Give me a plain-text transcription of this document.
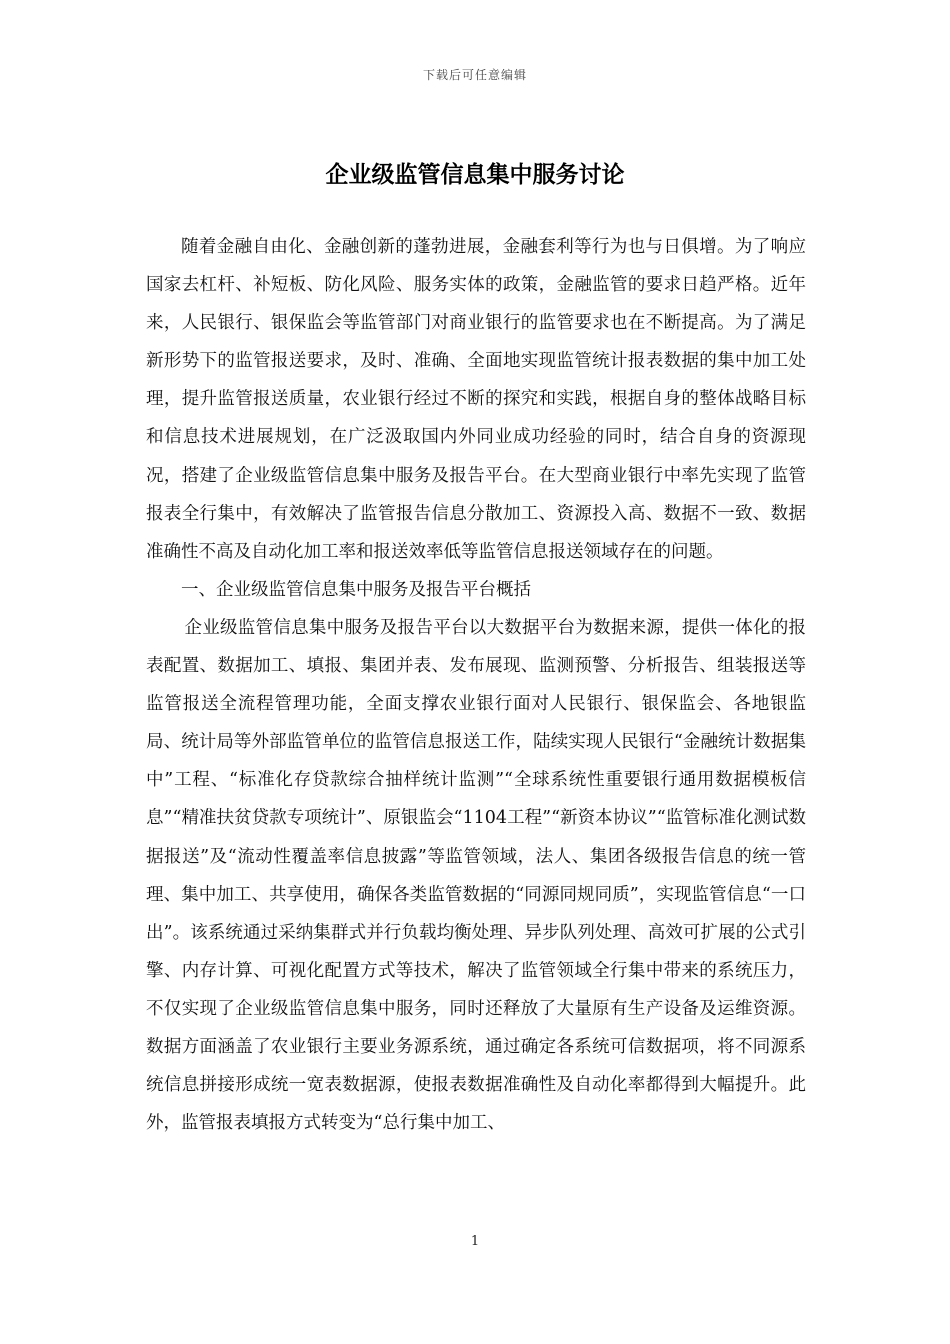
下载后可任意编辑
企业级监管信息集中服务讨论

随着金融自由化、金融创新的蓬勃进展，金融套利等行为也与日俱增。为了响应国家去杠杆、补短板、防化风险、服务实体的政策，金融监管的要求日趋严格。近年来，人民银行、银保监会等监管部门对商业银行的监管要求也在不断提高。为了满足新形势下的监管报送要求，及时、准确、全面地实现监管统计报表数据的集中加工处理，提升监管报送质量，农业银行经过不断的探究和实践，根据自身的整体战略目标和信息技术进展规划，在广泛汲取国内外同业成功经验的同时，结合自身的资源现况，搭建了企业级监管信息集中服务及报告平台。在大型商业银行中率先实现了监管报表全行集中，有效解决了监管报告信息分散加工、资源投入高、数据不一致、数据准确性不高及自动化加工率和报送效率低等监管信息报送领域存在的问题。

一、企业级监管信息集中服务及报告平台概括

企业级监管信息集中服务及报告平台以大数据平台为数据来源，提供一体化的报表配置、数据加工、填报、集团并表、发布展现、监测预警、分析报告、组装报送等监管报送全流程管理功能，全面支撑农业银行面对人民银行、银保监会、各地银监局、统计局等外部监管单位的监管信息报送工作，陆续实现人民银行“金融统计数据集中”工程、“标准化存贷款综合抽样统计监测”“全球系统性重要银行通用数据模板信息”“精准扶贫贷款专项统计”、原银监会“1104工程”“新资本协议”“监管标准化测试数据报送”及“流动性覆盖率信息披露”等监管领域，法人、集团各级报告信息的统一管理、集中加工、共享使用，确保各类监管数据的“同源同规同质”，实现监管信息“一口出”。该系统通过采纳集群式并行负载均衡处理、异步队列处理、高效可扩展的公式引擎、内存计算、可视化配置方式等技术，解决了监管领域全行集中带来的系统压力，不仅实现了企业级监管信息集中服务，同时还释放了大量原有生产设备及运维资源。数据方面涵盖了农业银行主要业务源系统，通过确定各系统可信数据项，将不同源系统信息拼接形成统一宽表数据源，使报表数据准确性及自动化率都得到大幅提升。此外，监管报表填报方式转变为“总行集中加工、

1
